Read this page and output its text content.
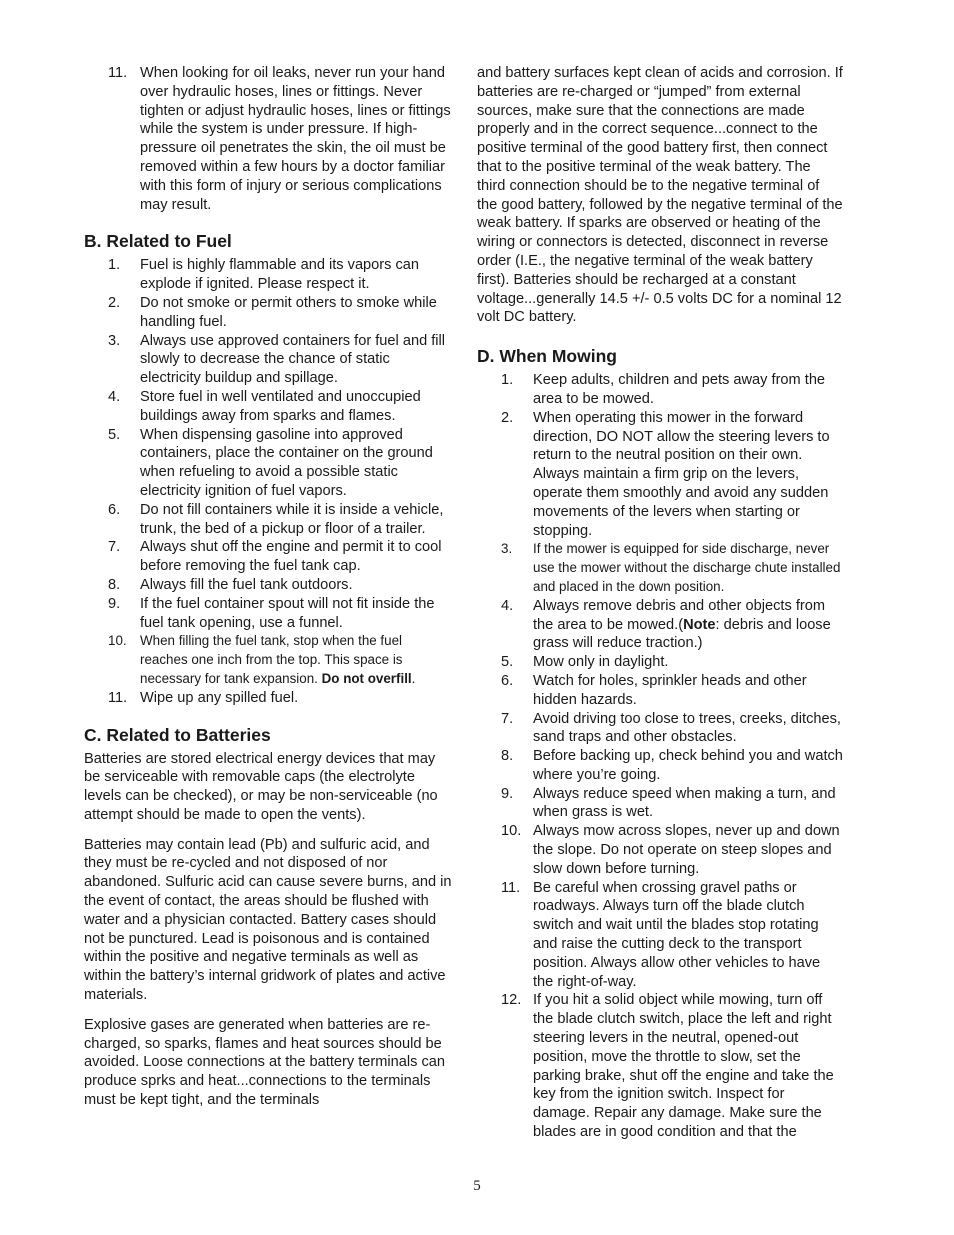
11. When looking for oil leaks, never run your hand over hydraulic hoses, lines or fittings. Never tighten or adjust hydraulic hoses, lines or fittings while the system is under pressure. If high-pressure oil penetrates the skin, the oil must be removed within a few hours by a doctor familiar with this form of injury or serious complications may result.
B. Related to Fuel
1. Fuel is highly flammable and its vapors can explode if ignited. Please respect it.
2. Do not smoke or permit others to smoke while handling fuel.
3. Always use approved containers for fuel and fill slowly to decrease the chance of static electricity buildup and spillage.
4. Store fuel in well ventilated and unoccupied buildings away from sparks and flames.
5. When dispensing gasoline into approved containers, place the container on the ground when refueling to avoid a possible static electricity ignition of fuel vapors.
6. Do not fill containers while it is inside a vehicle, trunk, the bed of a pickup or floor of a trailer.
7. Always shut off the engine and permit it to cool before removing the fuel tank cap.
8. Always fill the fuel tank outdoors.
9. If the fuel container spout will not fit inside the fuel tank opening, use a funnel.
10. When filling the fuel tank, stop when the fuel reaches one inch from the top. This space is necessary for tank expansion. Do not overfill.
11. Wipe up any spilled fuel.
C. Related to Batteries

Batteries are stored electrical energy devices that may be serviceable with removable caps (the electrolyte levels can be checked), or may be non-serviceable (no attempt should be made to open the vents).

Batteries may contain lead (Pb) and sulfuric acid, and they must be re-cycled and not disposed of nor abandoned. Sulfuric acid can cause severe burns, and in the event of contact, the areas should be flushed with water and a physician contacted. Battery cases should not be punctured. Lead is poisonous and is contained within the positive and negative terminals as well as within the battery’s internal gridwork of plates and active materials.

Explosive gases are generated when batteries are re-charged, so sparks, flames and heat sources should be avoided. Loose connections at the battery terminals can produce sprks and heat...connections to the terminals must be kept tight, and the terminals

and battery surfaces kept clean of acids and corrosion. If batteries are re-charged or “jumped” from external sources, make sure that the connections are made properly and in the correct sequence...connect to the positive terminal of the good battery first, then connect that to the positive terminal of the weak battery. The third connection should be to the negative terminal of the good battery, followed by the negative terminal of the weak battery. If sparks are observed or heating of the wiring or connectors is detected, disconnect in reverse order (I.E., the negative terminal of the weak battery first). Batteries should be recharged at a constant voltage...generally 14.5 +/- 0.5 volts DC for a nominal 12 volt DC battery.

D. When Mowing
1. Keep adults, children and pets away from the area to be mowed.
2. When operating this mower in the forward direction, DO NOT allow the steering levers to return to the neutral position on their own. Always maintain a firm grip on the levers, operate them smoothly and avoid any sudden movements of the levers when starting or stopping.
3. If the mower is equipped for side discharge, never use the mower without the discharge chute installed and placed in the down position.
4. Always remove debris and other objects from the area to be mowed.(Note: debris and loose grass will reduce traction.)
5. Mow only in daylight.
6. Watch for holes, sprinkler heads and other hidden hazards.
7. Avoid driving too close to trees, creeks, ditches, sand traps and other obstacles.
8. Before backing up, check behind you and watch where you’re going.
9. Always reduce speed when making a turn, and when grass is wet.
10. Always mow across slopes, never up and down the slope. Do not operate on steep slopes and slow down before turning.
11. Be careful when crossing gravel paths or roadways. Always turn off the blade clutch switch and wait until the blades stop rotating and raise the cutting deck to the transport position. Always allow other vehicles to have the right-of-way.
12. If you hit a solid object while mowing, turn off the blade clutch switch, place the left and right steering levers in the neutral, opened-out position, move the throttle to slow, set the parking brake, shut off the engine and take the key from the ignition switch. Inspect for damage. Repair any damage. Make sure the blades are in good condition and that the
5
